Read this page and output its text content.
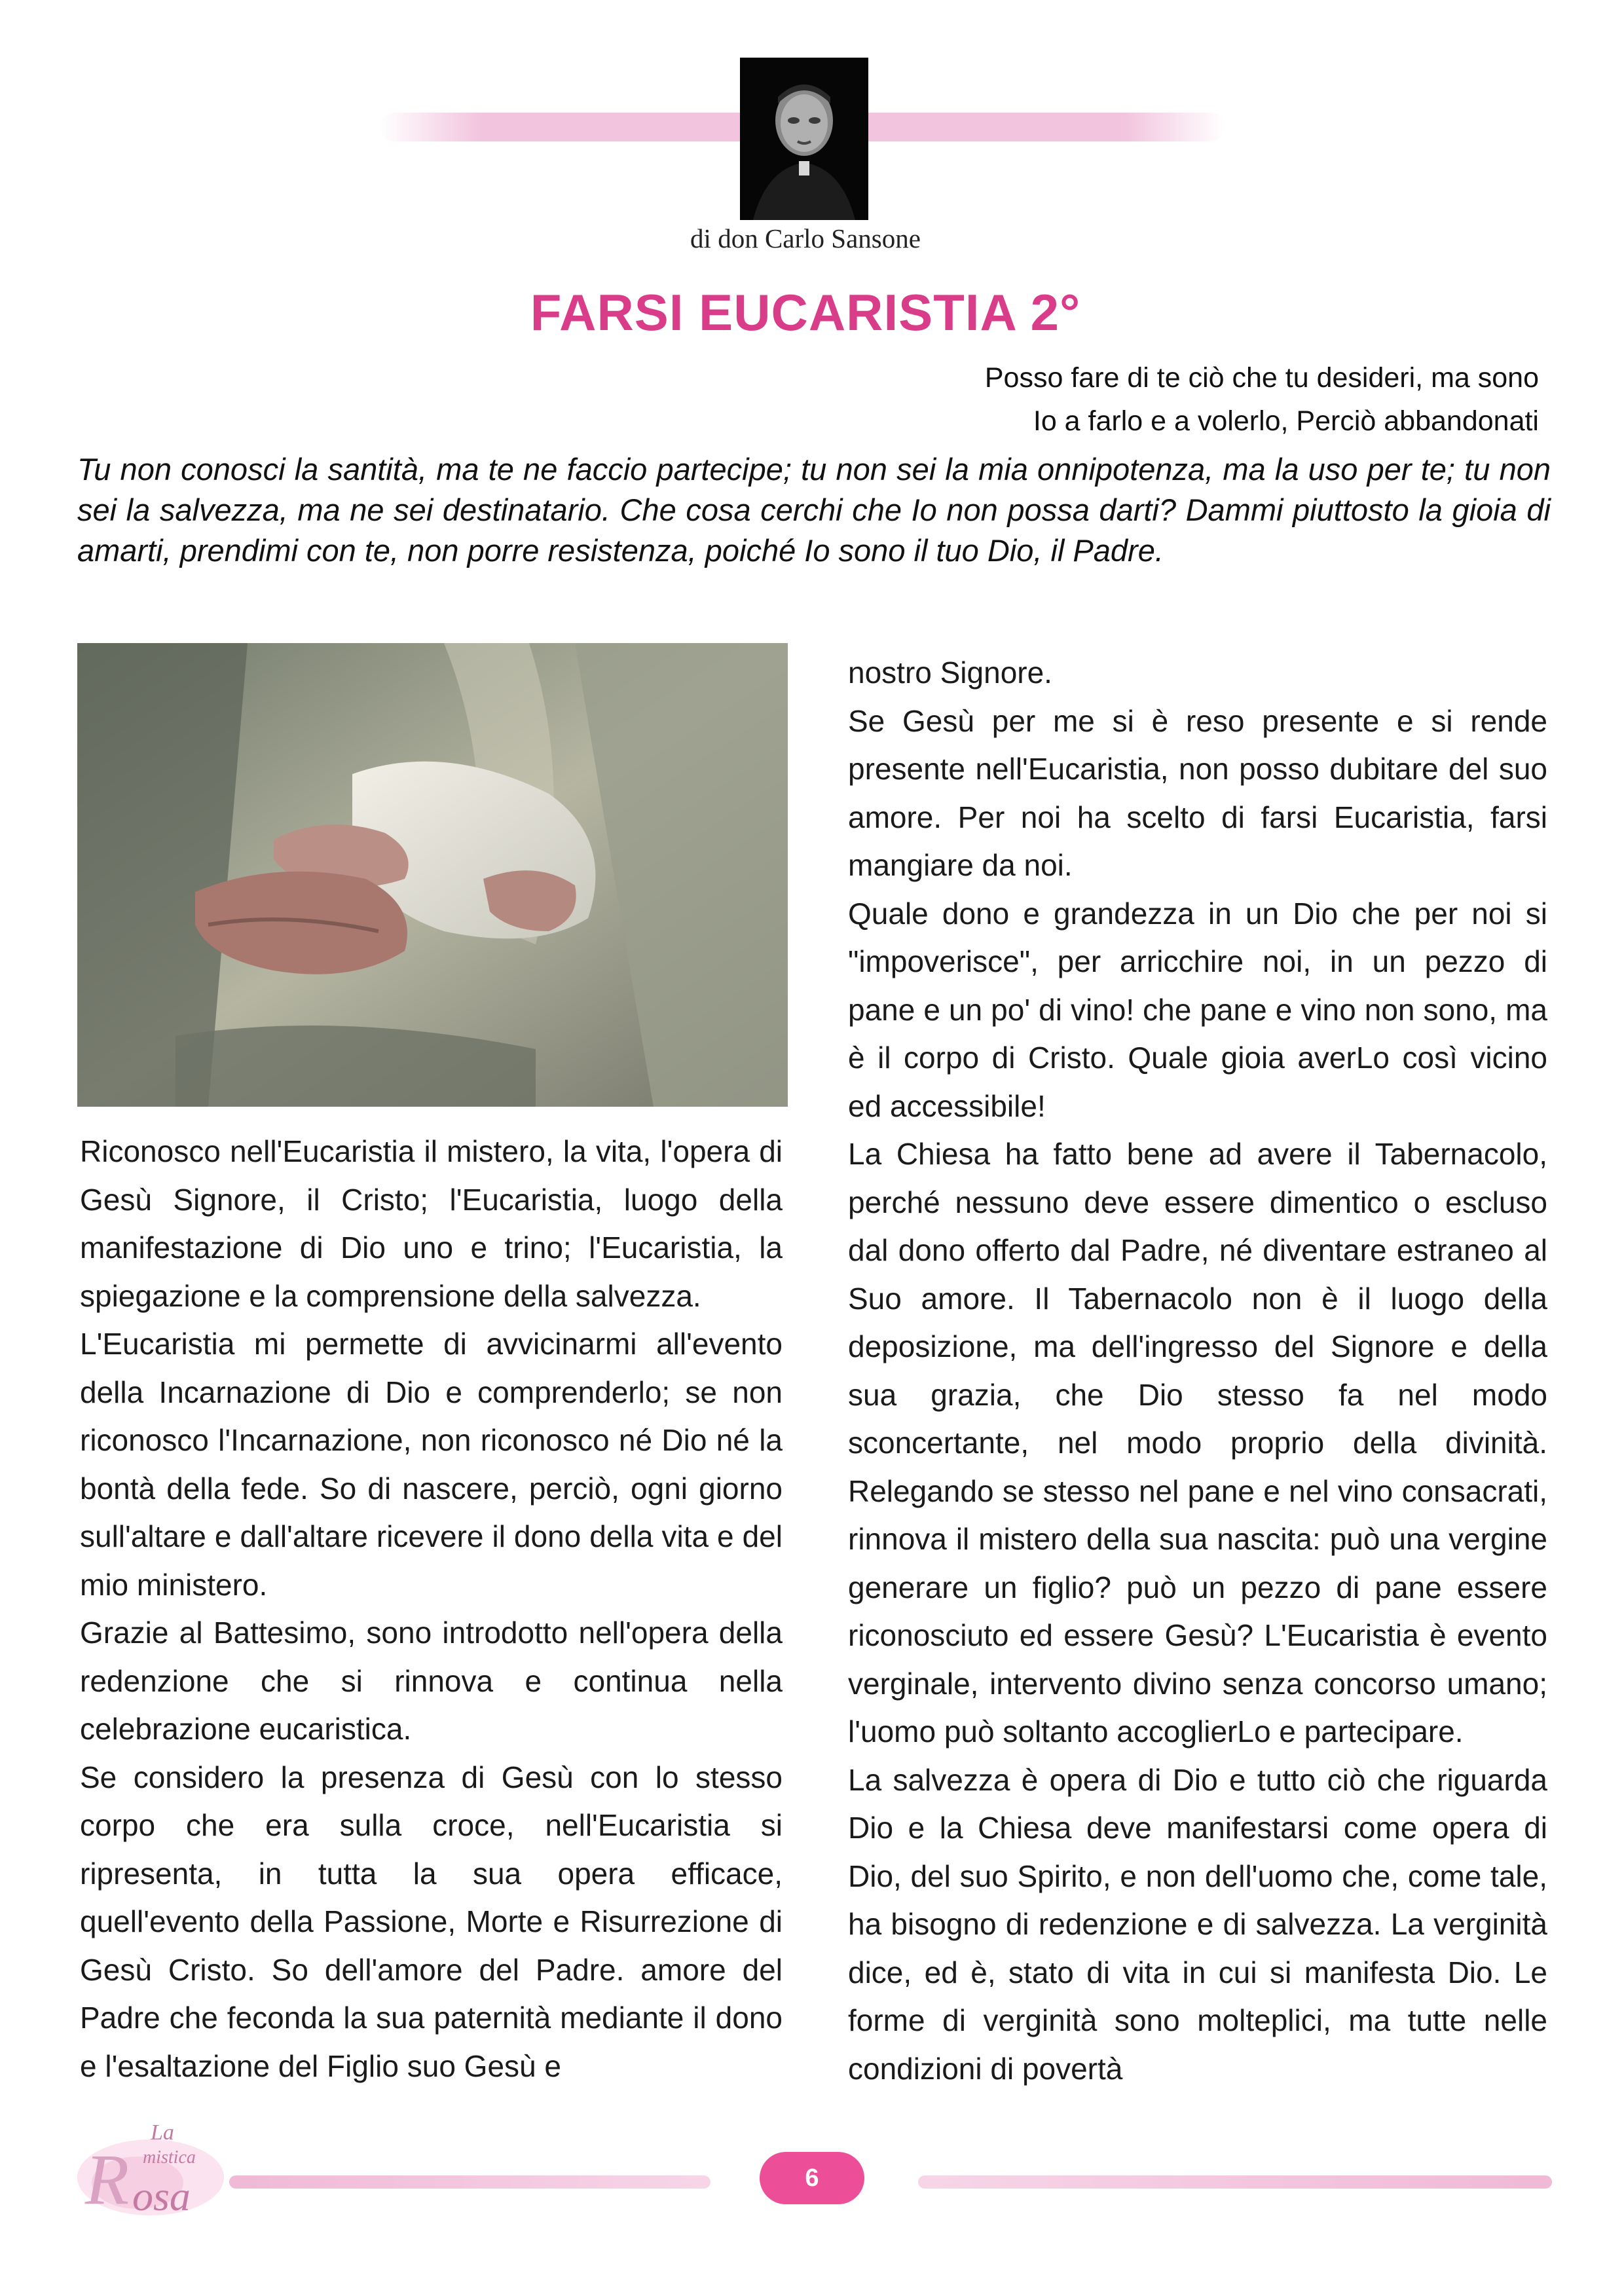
di don Carlo Sansone
FARSI EUCARISTIA 2°
Posso fare di te ciò che tu desideri, ma sono
Io a farlo e a volerlo, Perciò abbandonati
Tu non conosci la santità, ma te ne faccio partecipe; tu non sei la mia onnipotenza, ma la uso per te; tu non sei la salvezza, ma ne sei destinatario. Che cosa cerchi che Io non possa darti? Dammi piuttosto la gioia di amarti, prendimi con te, non porre resistenza, poiché Io sono il tuo Dio, il Padre.

Riconosco nell'Eucaristia il mistero, la vita, l'opera di Gesù Signore, il Cristo; l'Eucaristia, luogo della manifestazione di Dio uno e trino; l'Eucaristia, la spiegazione e la comprensione della salvezza.

L'Eucaristia mi permette di avvicinarmi all'evento della Incarnazione di Dio e comprenderlo; se non riconosco l'Incarnazione, non riconosco né Dio né la bontà della fede. So di nascere, perciò, ogni giorno sull'altare e dall'altare ricevere il dono della vita e del mio ministero.

Grazie al Battesimo, sono introdotto nell'opera della redenzione che si rinnova e continua nella celebrazione eucaristica.

Se considero la presenza di Gesù con lo stesso corpo che era sulla croce, nell'Eucaristia si ripresenta, in tutta la sua opera efficace, quell'evento della Passione, Morte e Risurrezione di Gesù Cristo. So dell'amore del Padre. amore del Padre che feconda la sua paternità mediante il dono e l'esaltazione del Figlio suo Gesù e

nostro Signore.

Se Gesù per me si è reso presente e si rende presente nell'Eucaristia, non posso dubitare del suo amore. Per noi ha scelto di farsi Eucaristia, farsi mangiare da noi.

Quale dono e grandezza in un Dio che per noi si "impoverisce", per arricchire noi, in un pezzo di pane e un po' di vino! che pane e vino non sono, ma è il corpo di Cristo. Quale gioia averLo così vicino ed accessibile!

La Chiesa ha fatto bene ad avere il Tabernacolo, perché nessuno deve essere dimentico o escluso dal dono offerto dal Padre, né diventare estraneo al Suo amore. Il Tabernacolo non è il luogo della deposizione, ma dell'ingresso del Signore e della sua grazia, che Dio stesso fa nel modo sconcertante, nel modo proprio della divinità. Relegando se stesso nel pane e nel vino consacrati, rinnova il mistero della sua nascita: può una vergine generare un figlio? può un pezzo di pane essere riconosciuto ed essere Gesù? L'Eucaristia è evento verginale, intervento divino senza concorso umano; l'uomo può soltanto accoglierLo e partecipare.

La salvezza è opera di Dio e tutto ciò che riguarda Dio e la Chiesa deve manifestarsi come opera di Dio, del suo Spirito, e non dell'uomo che, come tale, ha bisogno di redenzione e di salvezza. La verginità dice, ed è, stato di vita in cui si manifesta Dio. Le forme di verginità sono molteplici, ma tutte nelle condizioni di povertà

La
mistica
R osa	6
